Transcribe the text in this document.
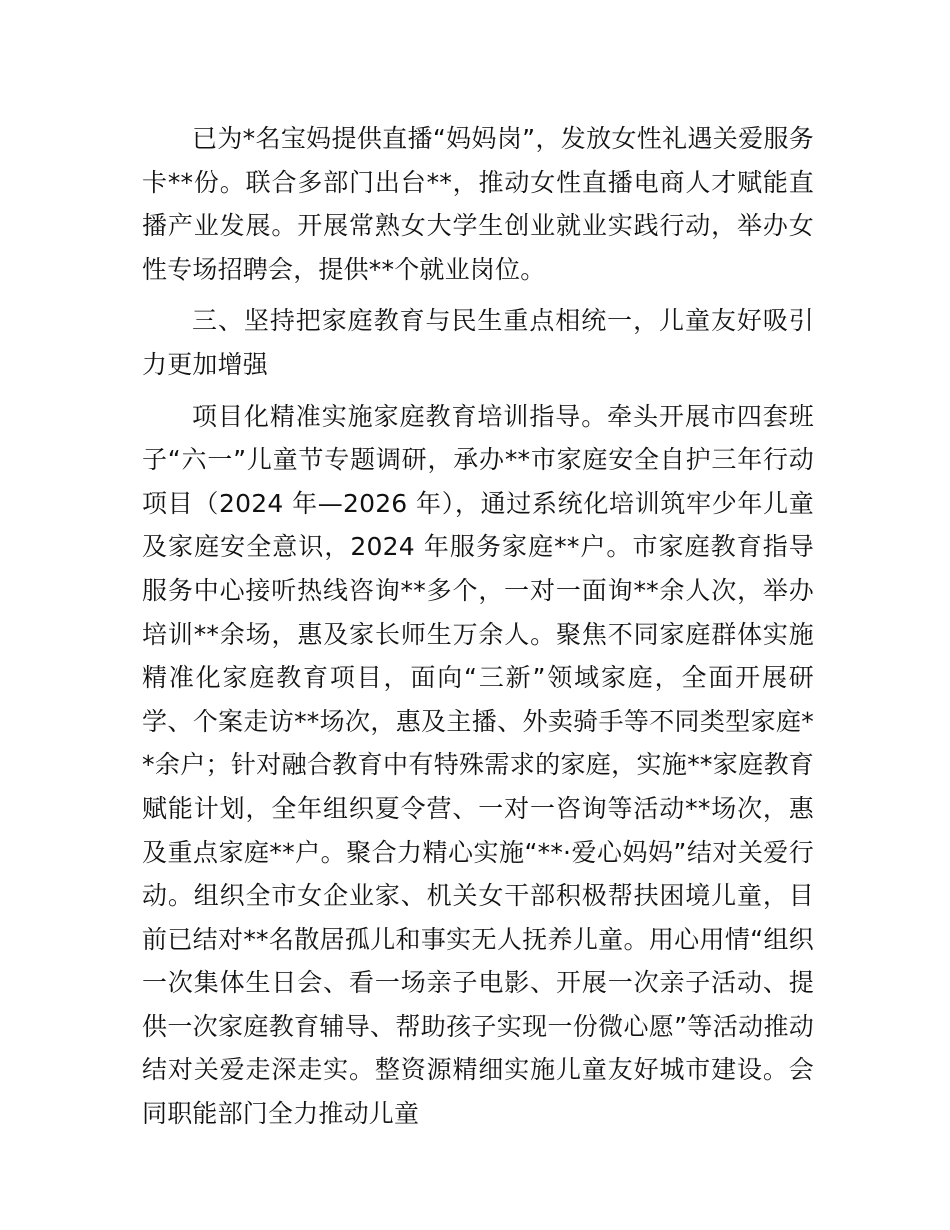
已为*名宝妈提供直播“妈妈岗”，发放女性礼遇关爱服务卡**份。联合多部门出台**，推动女性直播电商人才赋能直播产业发展。开展常熟女大学生创业就业实践行动，举办女性专场招聘会，提供**个就业岗位。

三、坚持把家庭教育与民生重点相统一，儿童友好吸引力更加增强

项目化精准实施家庭教育培训指导。牵头开展市四套班子“六一”儿童节专题调研，承办**市家庭安全自护三年行动项目（2024 年—2026 年），通过系统化培训筑牢少年儿童及家庭安全意识，2024 年服务家庭**户。市家庭教育指导服务中心接听热线咨询**多个，一对一面询**余人次，举办培训**余场，惠及家长师生万余人。聚焦不同家庭群体实施精准化家庭教育项目，面向“三新”领域家庭，全面开展研学、个案走访**场次，惠及主播、外卖骑手等不同类型家庭**余户；针对融合教育中有特殊需求的家庭，实施**家庭教育赋能计划，全年组织夏令营、一对一咨询等活动**场次，惠及重点家庭**户。聚合力精心实施“**·爱心妈妈”结对关爱行动。组织全市女企业家、机关女干部积极帮扶困境儿童，目前已结对**名散居孤儿和事实无人抚养儿童。用心用情“组织一次集体生日会、看一场亲子电影、开展一次亲子活动、提供一次家庭教育辅导、帮助孩子实现一份微心愿”等活动推动结对关爱走深走实。整资源精细实施儿童友好城市建设。会同职能部门全力推动儿童
